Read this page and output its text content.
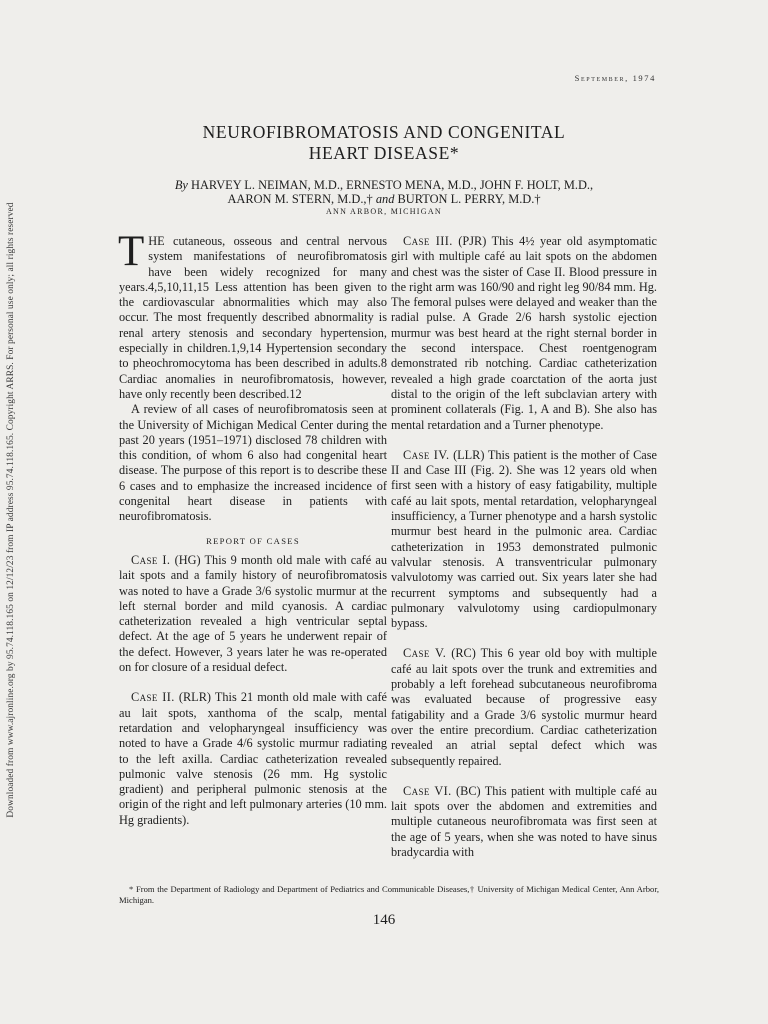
Downloaded from www.ajronline.org by 95.74.118.165 on 12/12/23 from IP address 95.74.118.165. Copyright ARRS. For personal use only; all rights reserved
September, 1974
NEUROFIBROMATOSIS AND CONGENITAL
HEART DISEASE*
By HARVEY L. NEIMAN, M.D., ERNESTO MENA, M.D., JOHN F. HOLT, M.D.,
AARON M. STERN, M.D.,† and BURTON L. PERRY, M.D.†
ANN ARBOR, MICHIGAN

THE cutaneous, osseous and central nervous system manifestations of neurofibromatosis have been widely recognized for many years.4,5,10,11,15 Less attention has been given to the cardiovascular abnormalities which may also occur. The most frequently described abnormality is renal artery stenosis and secondary hypertension, especially in children.1,9,14 Hypertension secondary to pheochromocytoma has been described in adults.8 Cardiac anomalies in neurofibromatosis, however, have only recently been described.12

A review of all cases of neurofibromatosis seen at the University of Michigan Medical Center during the past 20 years (1951–1971) disclosed 78 children with this condition, of whom 6 also had congenital heart disease. The purpose of this report is to describe these 6 cases and to emphasize the increased incidence of congenital heart disease in patients with neurofibromatosis.

REPORT OF CASES

Case I. (HG) This 9 month old male with café au lait spots and a family history of neurofibromatosis was noted to have a Grade 3/6 systolic murmur at the left sternal border and mild cyanosis. A cardiac catheterization revealed a high ventricular septal defect. At the age of 5 years he underwent repair of the defect. However, 3 years later he was re-operated on for closure of a residual defect.

Case II. (RLR) This 21 month old male with café au lait spots, xanthoma of the scalp, mental retardation and velopharyngeal insufficiency was noted to have a Grade 4/6 systolic murmur radiating to the left axilla. Cardiac catheterization revealed pulmonic valve stenosis (26 mm. Hg systolic gradient) and peripheral pulmonic stenosis at the origin of the right and left pulmonary arteries (10 mm. Hg gradients).

Case III. (PJR) This 4½ year old asymptomatic girl with multiple café au lait spots on the abdomen and chest was the sister of Case II. Blood pressure in the right arm was 160/90 and right leg 90/84 mm. Hg. The femoral pulses were delayed and weaker than the radial pulse. A Grade 2/6 harsh systolic ejection murmur was best heard at the right sternal border in the second interspace. Chest roentgenogram demonstrated rib notching. Cardiac catheterization revealed a high grade coarctation of the aorta just distal to the origin of the left subclavian artery with prominent collaterals (Fig. 1, A and B). She also has mental retardation and a Turner phenotype.

Case IV. (LLR) This patient is the mother of Case II and Case III (Fig. 2). She was 12 years old when first seen with a history of easy fatigability, multiple café au lait spots, mental retardation, velopharyngeal insufficiency, a Turner phenotype and a harsh systolic murmur best heard in the pulmonic area. Cardiac catheterization in 1953 demonstrated pulmonic valvular stenosis. A transventricular pulmonary valvulotomy was carried out. Six years later she had recurrent symptoms and subsequently had a pulmonary valvulotomy using cardiopulmonary bypass.

Case V. (RC) This 6 year old boy with multiple café au lait spots over the trunk and extremities and probably a left forehead subcutaneous neurofibroma was evaluated because of progressive easy fatigability and a Grade 3/6 systolic murmur heard over the entire precordium. Cardiac catheterization revealed an atrial septal defect which was subsequently repaired.

Case VI. (BC) This patient with multiple café au lait spots over the abdomen and extremities and multiple cutaneous neurofibromata was first seen at the age of 5 years, when she was noted to have sinus bradycardia with

* From the Department of Radiology and Department of Pediatrics and Communicable Diseases,† University of Michigan Medical Center, Ann Arbor, Michigan.

146
